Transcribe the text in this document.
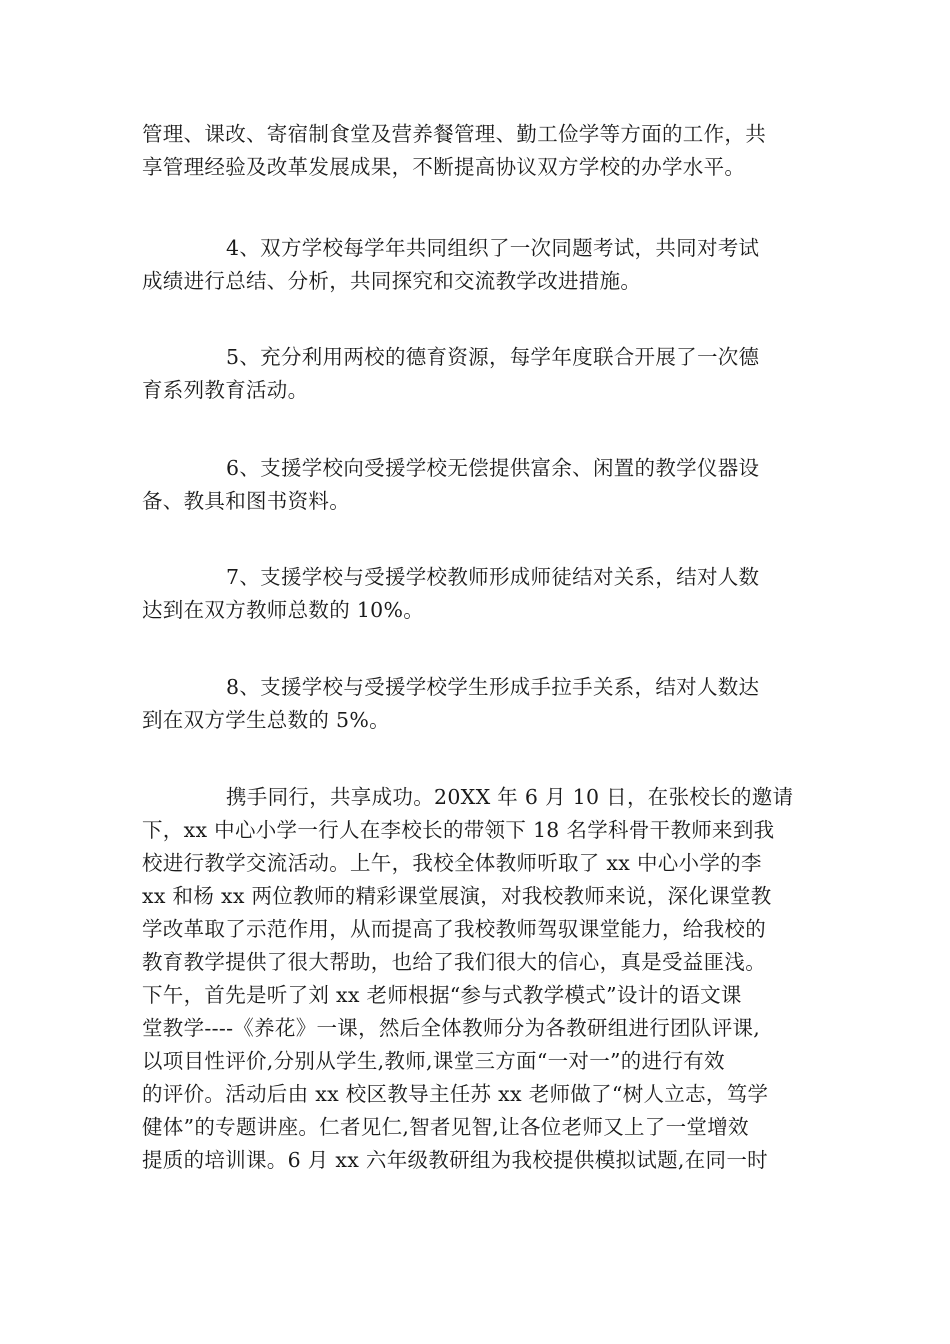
管理、课改、寄宿制食堂及营养餐管理、勤工俭学等方面的工作，共
享管理经验及改革发展成果，不断提高协议双方学校的办学水平。
4、双方学校每学年共同组织了一次同题考试，共同对考试
成绩进行总结、分析，共同探究和交流教学改进措施。
5、充分利用两校的德育资源，每学年度联合开展了一次德
育系列教育活动。
6、支援学校向受援学校无偿提供富余、闲置的教学仪器设
备、教具和图书资料。
7、支援学校与受援学校教师形成师徒结对关系，结对人数
达到在双方教师总数的 10%。
8、支援学校与受援学校学生形成手拉手关系，结对人数达
到在双方学生总数的 5%。
携手同行，共享成功。20XX 年 6 月 10 日，在张校长的邀请
下，xx 中心小学一行人在李校长的带领下 18 名学科骨干教师来到我
校进行教学交流活动。上午，我校全体教师听取了 xx 中心小学的李
xx 和杨 xx 两位教师的精彩课堂展演，对我校教师来说，深化课堂教
学改革取了示范作用，从而提高了我校教师驾驭课堂能力，给我校的
教育教学提供了很大帮助，也给了我们很大的信心，真是受益匪浅。
下午，首先是听了刘 xx 老师根据“参与式教学模式”设计的语文课
堂教学----《养花》一课，然后全体教师分为各教研组进行团队评课,
以项目性评价,分别从学生,教师,课堂三方面“一对一”的进行有效
的评价。活动后由 xx 校区教导主任苏 xx 老师做了“树人立志，笃学
健体”的专题讲座。仁者见仁,智者见智,让各位老师又上了一堂增效
提质的培训课。6 月 xx 六年级教研组为我校提供模拟试题,在同一时
